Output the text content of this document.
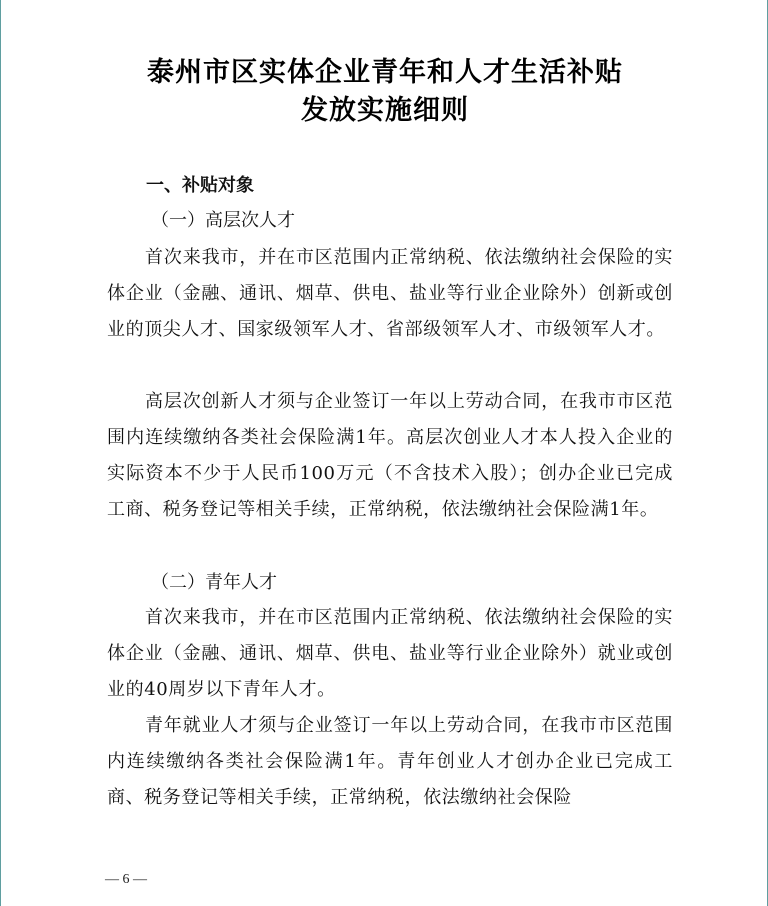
泰州市区实体企业青年和人才生活补贴
发放实施细则
一、补贴对象
（一）高层次人才

首次来我市，并在市区范围内正常纳税、依法缴纳社会保险的实体企业（金融、通讯、烟草、供电、盐业等行业企业除外）创新或创业的顶尖人才、国家级领军人才、省部级领军人才、市级领军人才。

高层次创新人才须与企业签订一年以上劳动合同，在我市市区范围内连续缴纳各类社会保险满1年。高层次创业人才本人投入企业的实际资本不少于人民币100万元（不含技术入股）；创办企业已完成工商、税务登记等相关手续，正常纳税，依法缴纳社会保险满1年。

（二）青年人才

首次来我市，并在市区范围内正常纳税、依法缴纳社会保险的实体企业（金融、通讯、烟草、供电、盐业等行业企业除外）就业或创业的40周岁以下青年人才。

青年就业人才须与企业签订一年以上劳动合同，在我市市区范围内连续缴纳各类社会保险满1年。青年创业人才创办企业已完成工商、税务登记等相关手续，正常纳税，依法缴纳社会保险

— 6 —
